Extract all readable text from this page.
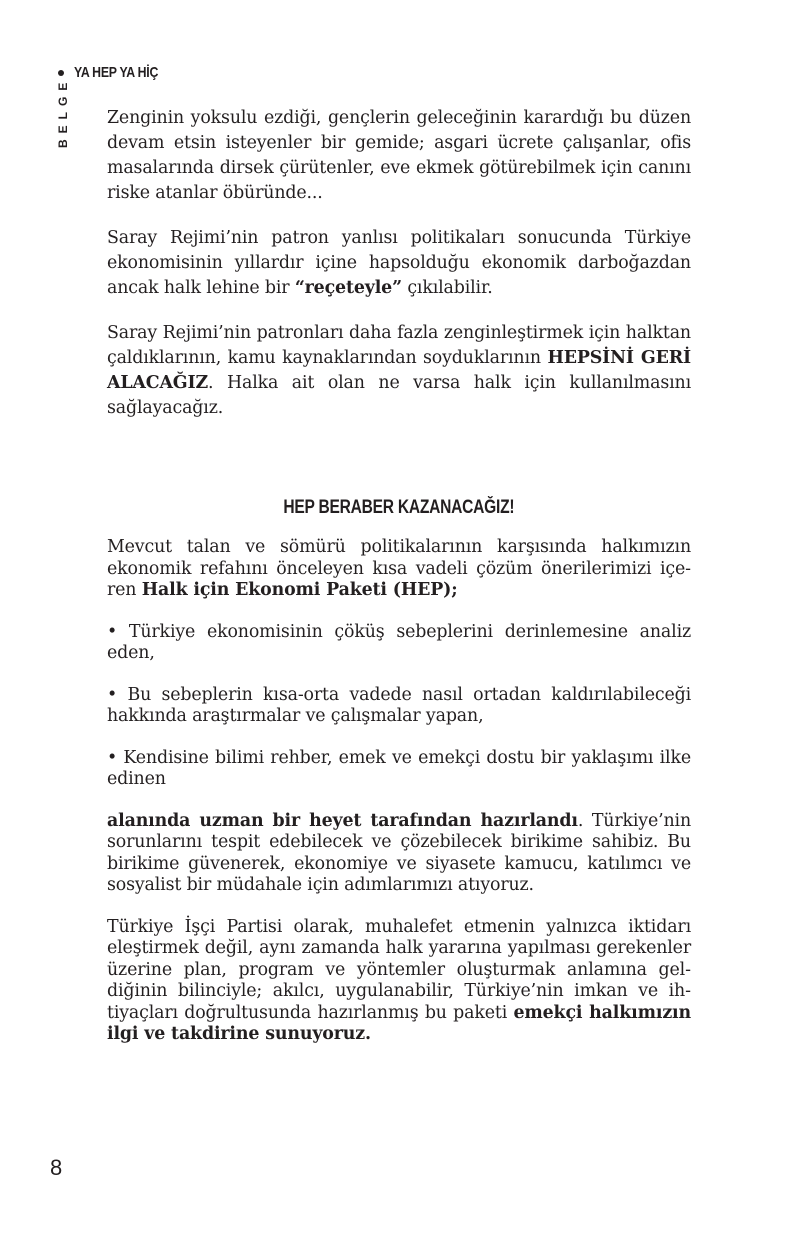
YA HEP YA HİÇ
BELGE Zenginin yoksulu ezdiği, gençlerin geleceğinin karardığı bu düzen devam etsin isteyenler bir gemide; asgari ücrete çalışanlar, ofis masalarında dirsek çürütenler, eve ekmek götürebilmek için canını riske atanlar öbüründe...

Saray Rejimi’nin patron yanlısı politikaları sonucunda Türkiye ekonomisinin yıllardır içine hapsolduğu ekonomik darboğazdan ancak halk lehine bir “reçeteyle” çıkılabilir.

Saray Rejimi’nin patronları daha fazla zenginleştirmek için halktan çaldıklarının, kamu kaynaklarından soyduklarının HEPSİNİ GERİ ALACAĞIZ. Halka ait olan ne varsa halk için kullanılmasını sağlayacağız.

HEP BERABER KAZANACAĞIZ!

Mevcut talan ve sömürü politikalarının karşısında halkımızın ekonomik refahını önceleyen kısa vadeli çözüm önerilerimizi içeren Halk için Ekonomi Paketi (HEP);

• Türkiye ekonomisinin çöküş sebeplerini derinlemesine analiz eden,

• Bu sebeplerin kısa-orta vadede nasıl ortadan kaldırılabileceği hakkında araştırmalar ve çalışmalar yapan,

• Kendisine bilimi rehber, emek ve emekçi dostu bir yaklaşımı ilke edinen

alanında uzman bir heyet tarafından hazırlandı. Türkiye’nin sorunlarını tespit edebilecek ve çözebilecek birikime sahibiz. Bu birikime güvenerek, ekonomiye ve siyasete kamucu, katılımcı ve sosyalist bir müdahale için adımlarımızı atıyoruz.

Türkiye İşçi Partisi olarak, muhalefet etmenin yalnızca iktidarı eleştirmek değil, aynı zamanda halk yararına yapılması gerekenler üzerine plan, program ve yöntemler oluşturmak anlamına geldiğinin bilinciyle; akılcı, uygulanabilir, Türkiye’nin imkan ve ihtiyaçları doğrultusunda hazırlanmış bu paketi emekçi halkımızın ilgi ve takdirine sunuyoruz.

8
